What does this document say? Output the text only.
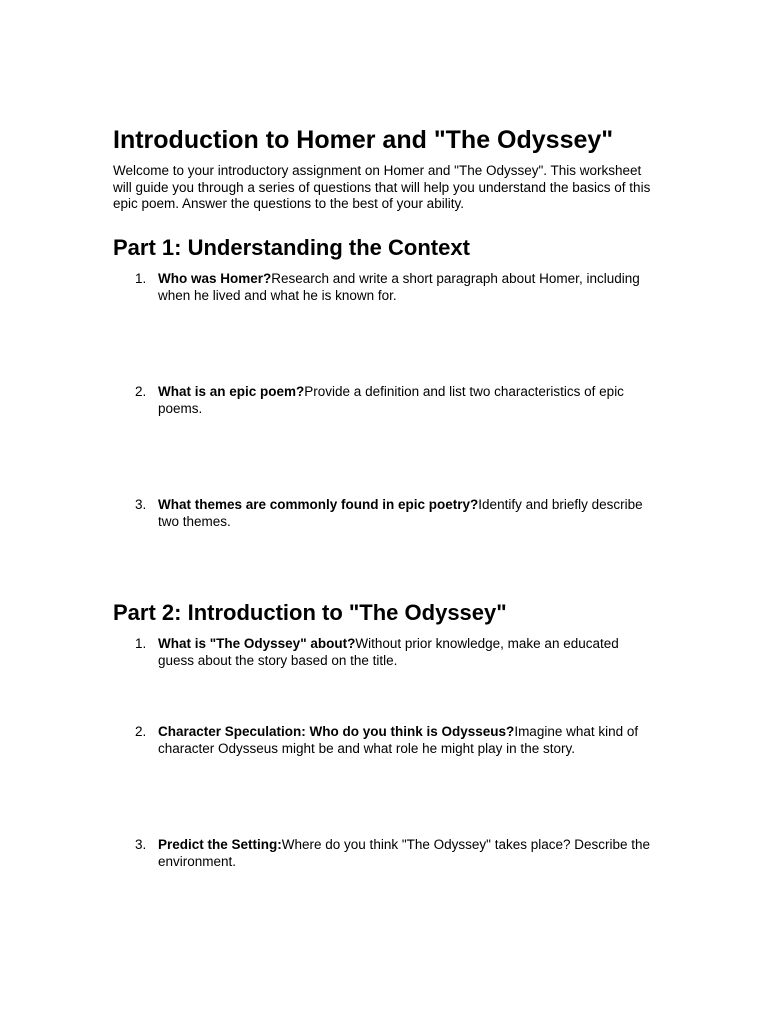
Introduction to Homer and "The Odyssey"

Welcome to your introductory assignment on Homer and "The Odyssey". This worksheet will guide you through a series of questions that will help you understand the basics of this epic poem. Answer the questions to the best of your ability.

Part 1: Understanding the Context
1. Who was Homer?Research and write a short paragraph about Homer, including when he lived and what he is known for.
2. What is an epic poem?Provide a definition and list two characteristics of epic poems.
3. What themes are commonly found in epic poetry?Identify and briefly describe two themes.
Part 2: Introduction to "The Odyssey"
1. What is "The Odyssey" about?Without prior knowledge, make an educated guess about the story based on the title.
2. Character Speculation: Who do you think is Odysseus?Imagine what kind of character Odysseus might be and what role he might play in the story.
3. Predict the Setting:Where do you think "The Odyssey" takes place? Describe the environment.
